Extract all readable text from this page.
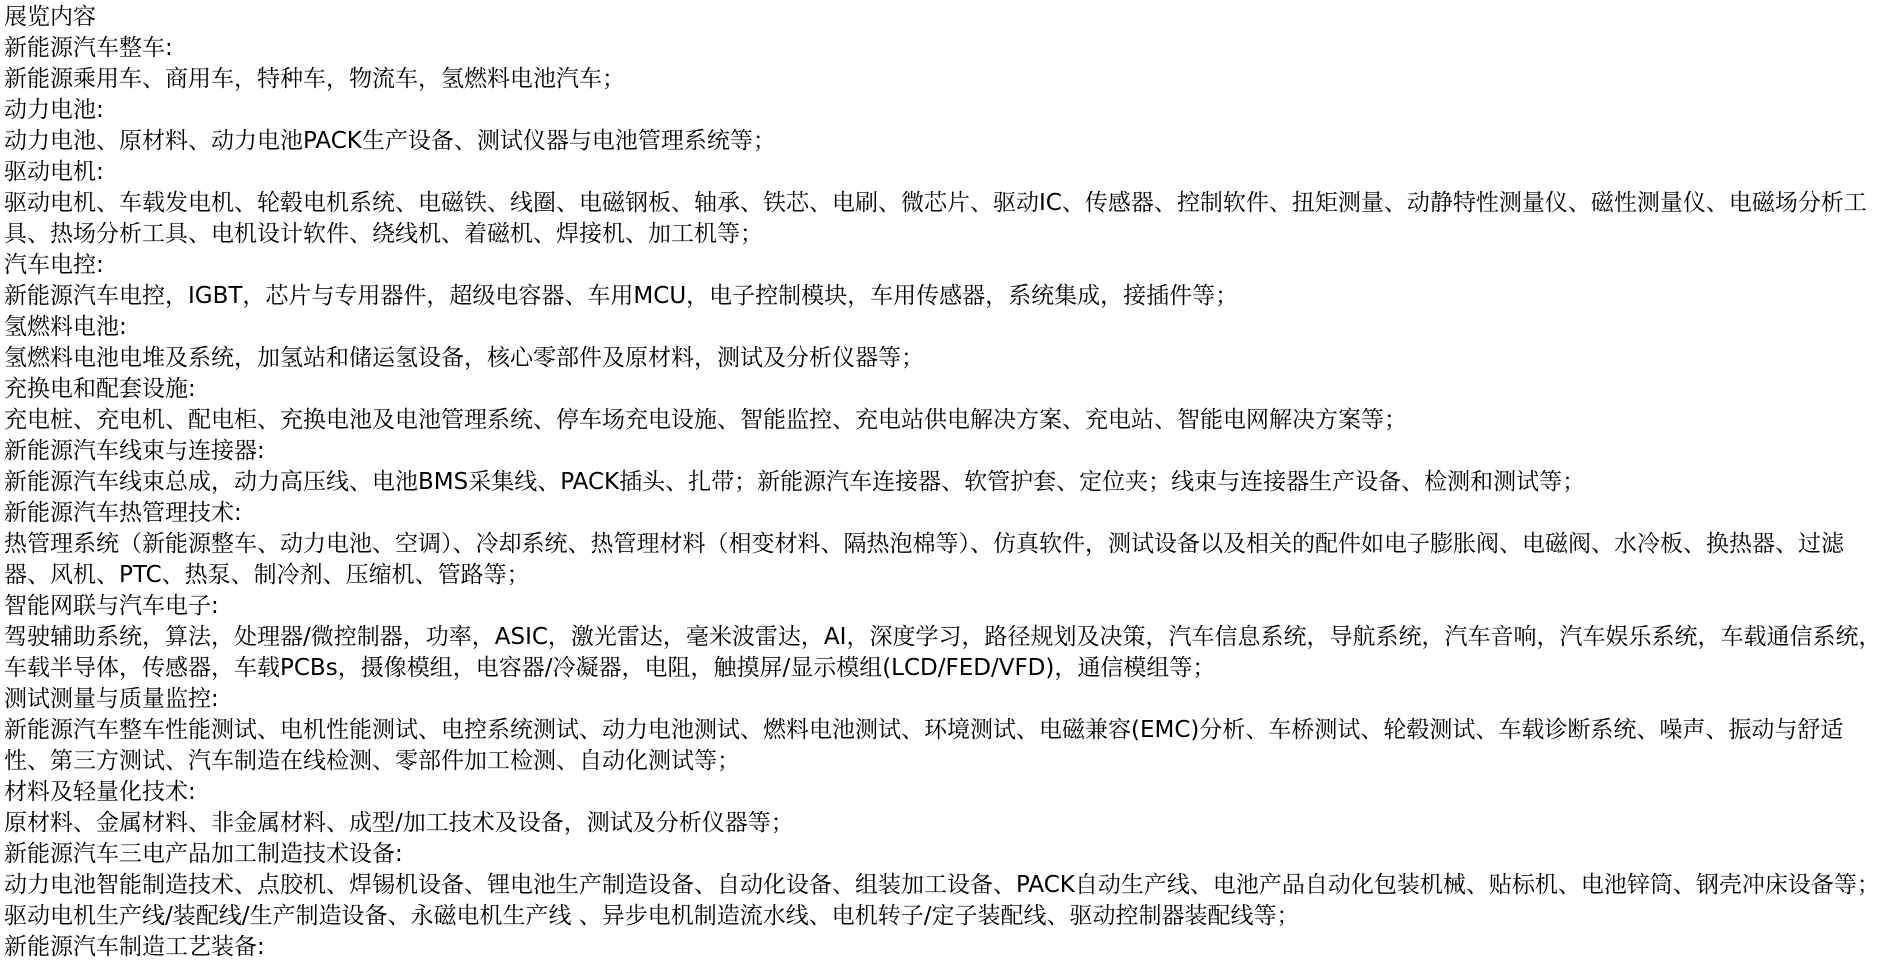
展览内容
新能源汽车整车:
新能源乘用车、商用车，特种车，物流车，氢燃料电池汽车；
动力电池:
动力电池、原材料、动力电池PACK生产设备、测试仪器与电池管理系统等；
驱动电机:
驱动电机、车载发电机、轮毂电机系统、电磁铁、线圈、电磁钢板、轴承、铁芯、电刷、微芯片、驱动IC、传感器、控制软件、扭矩测量、动静特性测量仪、磁性测量仪、电磁场分析工具、热场分析工具、电机设计软件、绕线机、着磁机、焊接机、加工机等；
汽车电控:
新能源汽车电控，IGBT，芯片与专用器件，超级电容器、车用MCU，电子控制模块，车用传感器，系统集成，接插件等；
氢燃料电池:
氢燃料电池电堆及系统，加氢站和储运氢设备，核心零部件及原材料，测试及分析仪器等；
充换电和配套设施:
充电桩、充电机、配电柜、充换电池及电池管理系统、停车场充电设施、智能监控、充电站供电解决方案、充电站、智能电网解决方案等；
新能源汽车线束与连接器:
新能源汽车线束总成，动力高压线、电池BMS采集线、PACK插头、扎带；新能源汽车连接器、软管护套、定位夹；线束与连接器生产设备、检测和测试等；
新能源汽车热管理技术:
热管理系统（新能源整车、动力电池、空调）、冷却系统、热管理材料（相变材料、隔热泡棉等）、仿真软件，测试设备以及相关的配件如电子膨胀阀、电磁阀、水冷板、换热器、过滤器、风机、PTC、热泵、制冷剂、压缩机、管路等；
智能网联与汽车电子:
驾驶辅助系统，算法，处理器/微控制器，功率，ASIC，激光雷达，毫米波雷达，AI，深度学习，路径规划及决策，汽车信息系统，导航系统，汽车音响，汽车娱乐系统，车载通信系统，车载半导体，传感器，车载PCBs，摄像模组，电容器/冷凝器，电阻，触摸屏/显示模组(LCD/FED/VFD)，通信模组等；
测试测量与质量监控:
新能源汽车整车性能测试、电机性能测试、电控系统测试、动力电池测试、燃料电池测试、环境测试、电磁兼容(EMC)分析、车桥测试、轮毂测试、车载诊断系统、噪声、振动与舒适性、第三方测试、汽车制造在线检测、零部件加工检测、自动化测试等；
材料及轻量化技术:
原材料、金属材料、非金属材料、成型/加工技术及设备，测试及分析仪器等；
新能源汽车三电产品加工制造技术设备:
动力电池智能制造技术、点胶机、焊锡机设备、锂电池生产制造设备、自动化设备、组装加工设备、PACK自动生产线、电池产品自动化包装机械、贴标机、电池锌筒、钢壳冲床设备等；驱动电机生产线/装配线/生产制造设备、永磁电机生产线 、异步电机制造流水线、电机转子/定子装配线、驱动控制器装配线等；
新能源汽车制造工艺装备:
